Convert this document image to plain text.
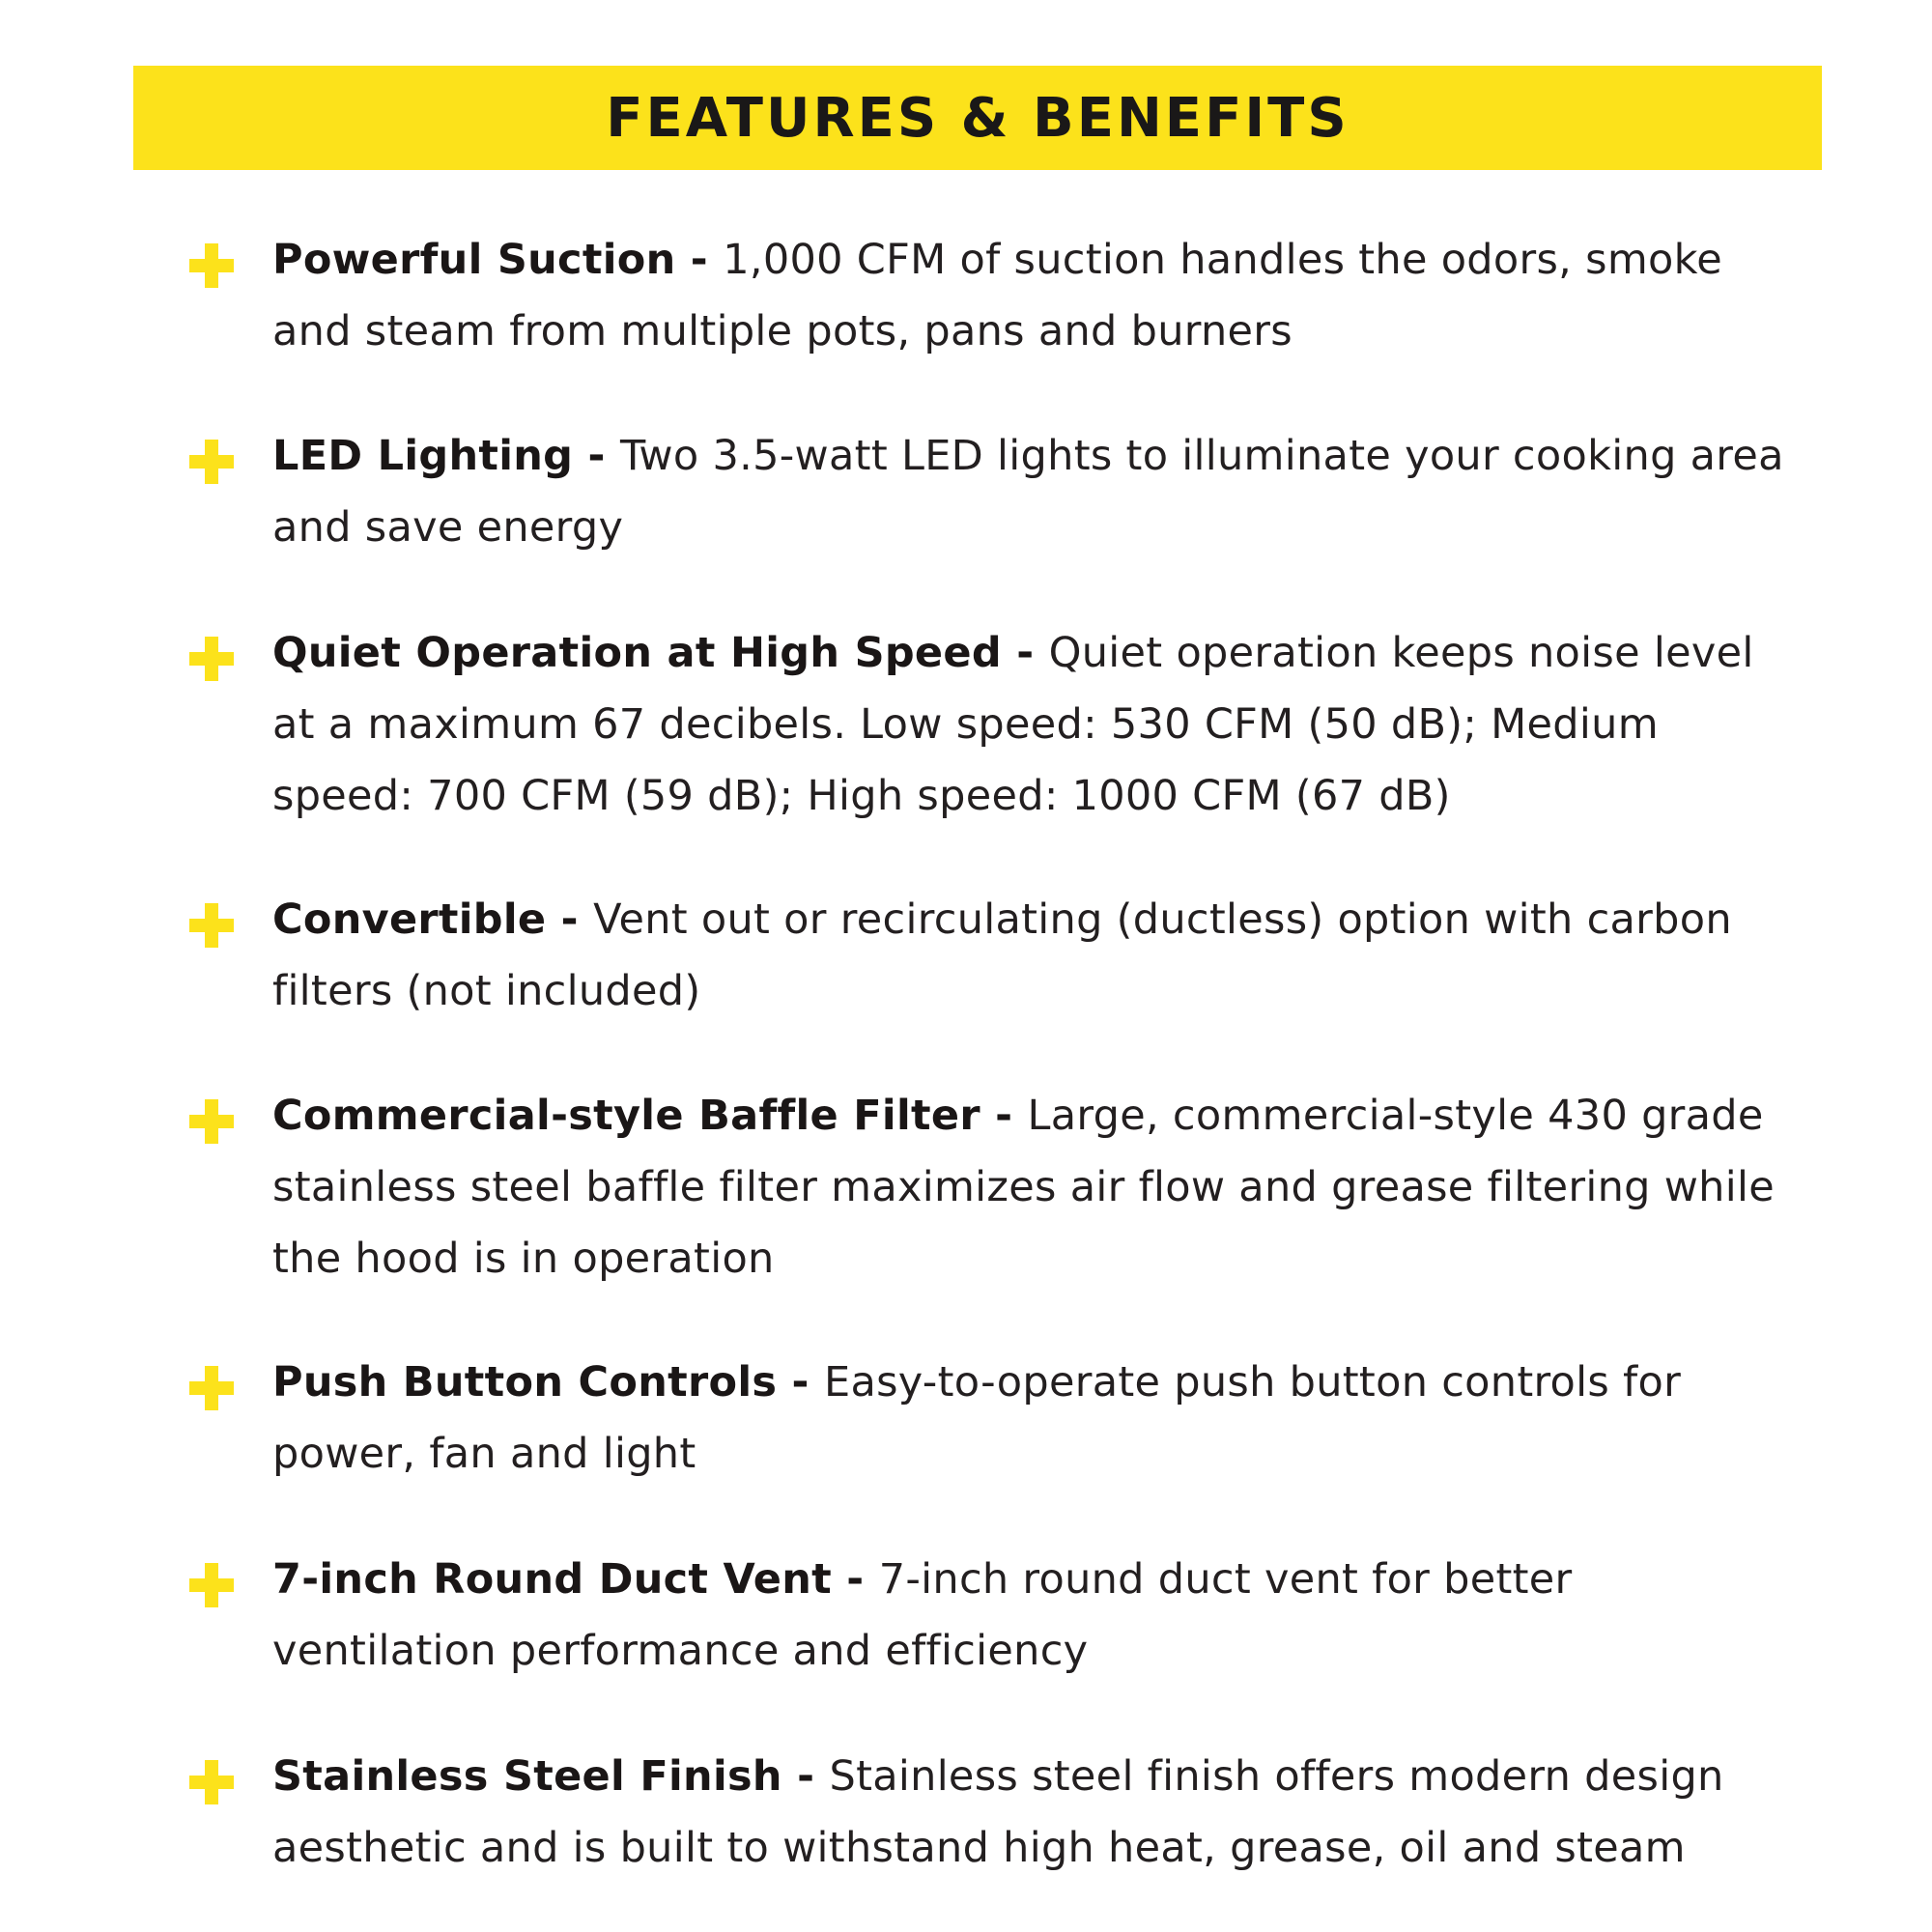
FEATURES & BENEFITS
Powerful Suction - 1,000 CFM of suction handles the odors, smoke and steam from multiple pots, pans and burners
LED Lighting - Two 3.5-watt LED lights to illuminate your cooking area and save energy
Quiet Operation at High Speed - Quiet operation keeps noise level at a maximum 67 decibels. Low speed: 530 CFM (50 dB); Medium speed: 700 CFM (59 dB); High speed: 1000 CFM (67 dB)
Convertible - Vent out or recirculating (ductless) option with carbon filters (not included)
Commercial-style Baffle Filter - Large, commercial-style 430 grade stainless steel baffle filter maximizes air flow and grease filtering while the hood is in operation
Push Button Controls - Easy-to-operate push button controls for power, fan and light
7-inch Round Duct Vent - 7-inch round duct vent for better ventilation performance and efficiency
Stainless Steel Finish - Stainless steel finish offers modern design aesthetic and is built to withstand high heat, grease, oil and steam
